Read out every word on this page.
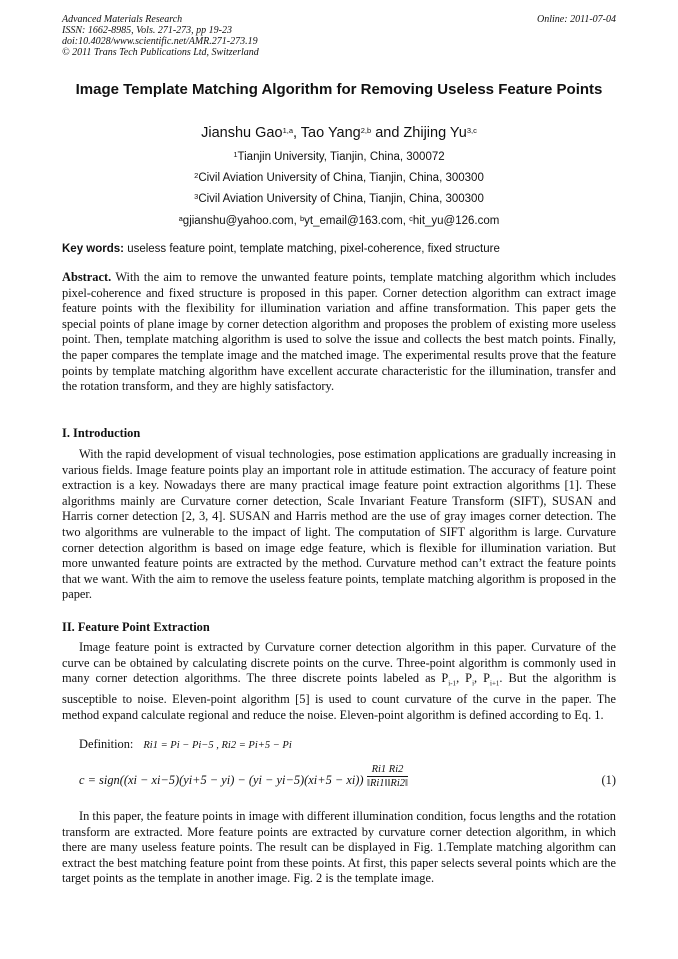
Advanced Materials Research
ISSN: 1662-8985, Vols. 271-273, pp 19-23
doi:10.4028/www.scientific.net/AMR.271-273.19
© 2011 Trans Tech Publications Ltd, Switzerland
Online: 2011-07-04
Image Template Matching Algorithm for Removing Useless Feature Points
Jianshu Gao$^{1,a}$, Tao Yang$^{2,b}$ and Zhijing Yu$^{3,c}$
$^1$Tianjin University, Tianjin, China, 300072
$^2$Civil Aviation University of China, Tianjin, China, 300300
$^3$Civil Aviation University of China, Tianjin, China, 300300
$^a$gjianshu@yahoo.com, $^b$yt_email@163.com, $^c$hit_yu@126.com
Key words: useless feature point, template matching, pixel-coherence, fixed structure
Abstract. With the aim to remove the unwanted feature points, template matching algorithm which includes pixel-coherence and fixed structure is proposed in this paper. Corner detection algorithm can extract image feature points with the flexibility for illumination variation and affine transformation. This paper gets the special points of plane image by corner detection algorithm and proposes the problem of existing more useless point. Then, template matching algorithm is used to solve the issue and collects the best match points. Finally, the paper compares the template image and the matched image. The experimental results prove that the feature points by template matching algorithm have excellent accurate characteristic for the illumination, transfer and the rotation transform, and they are highly satisfactory.
I. Introduction
With the rapid development of visual technologies, pose estimation applications are gradually increasing in various fields. Image feature points play an important role in attitude estimation. The accuracy of feature point extraction is a key. Nowadays there are many practical image feature point extraction algorithms [1]. These algorithms mainly are Curvature corner detection, Scale Invariant Feature Transform (SIFT), SUSAN and Harris corner detection [2, 3, 4]. SUSAN and Harris method are the use of gray images corner detection. The two algorithms are vulnerable to the impact of light. The computation of SIFT algorithm is large. Curvature corner detection algorithm is based on image edge feature, which is flexible for illumination variation. But more unwanted feature points are extracted by the method. Curvature method can’t extract the feature points that we want. With the aim to remove the useless feature points, template matching algorithm is proposed in the paper.
II. Feature Point Extraction
Image feature point is extracted by Curvature corner detection algorithm in this paper. Curvature of the curve can be obtained by calculating discrete points on the curve. Three-point algorithm is commonly used in many corner detection algorithms. The three discrete points labeled as $P_{i-1}$, $P_i$, $P_{i+1}$. But the algorithm is susceptible to noise. Eleven-point algorithm [5] is used to count curvature of the curve in the paper. The method expand calculate regional and reduce the noise. Eleven-point algorithm is defined according to Eq. 1.
Definition: Ri1 = Pi − Pi−5 , Ri2 = Pi+5 − Pi
c = sign((xi − $xi-5)(yi+5 - yi) - (yi - yi-5)(xi+5 - xi)) \frac{Ri1 Ri2}{‖Ri1‖‖Ri2‖}$	(1)
In this paper, the feature points in image with different illumination condition, focus lengths and the rotation transform are extracted. More feature points are extracted by curvature corner detection algorithm, in which there are many useless feature points. The result can be displayed in Fig. 1.Template matching algorithm can extract the best matching feature point from these points. At first, this paper selects several points which are the target points as the template in another image. Fig. 2 is the template image.
